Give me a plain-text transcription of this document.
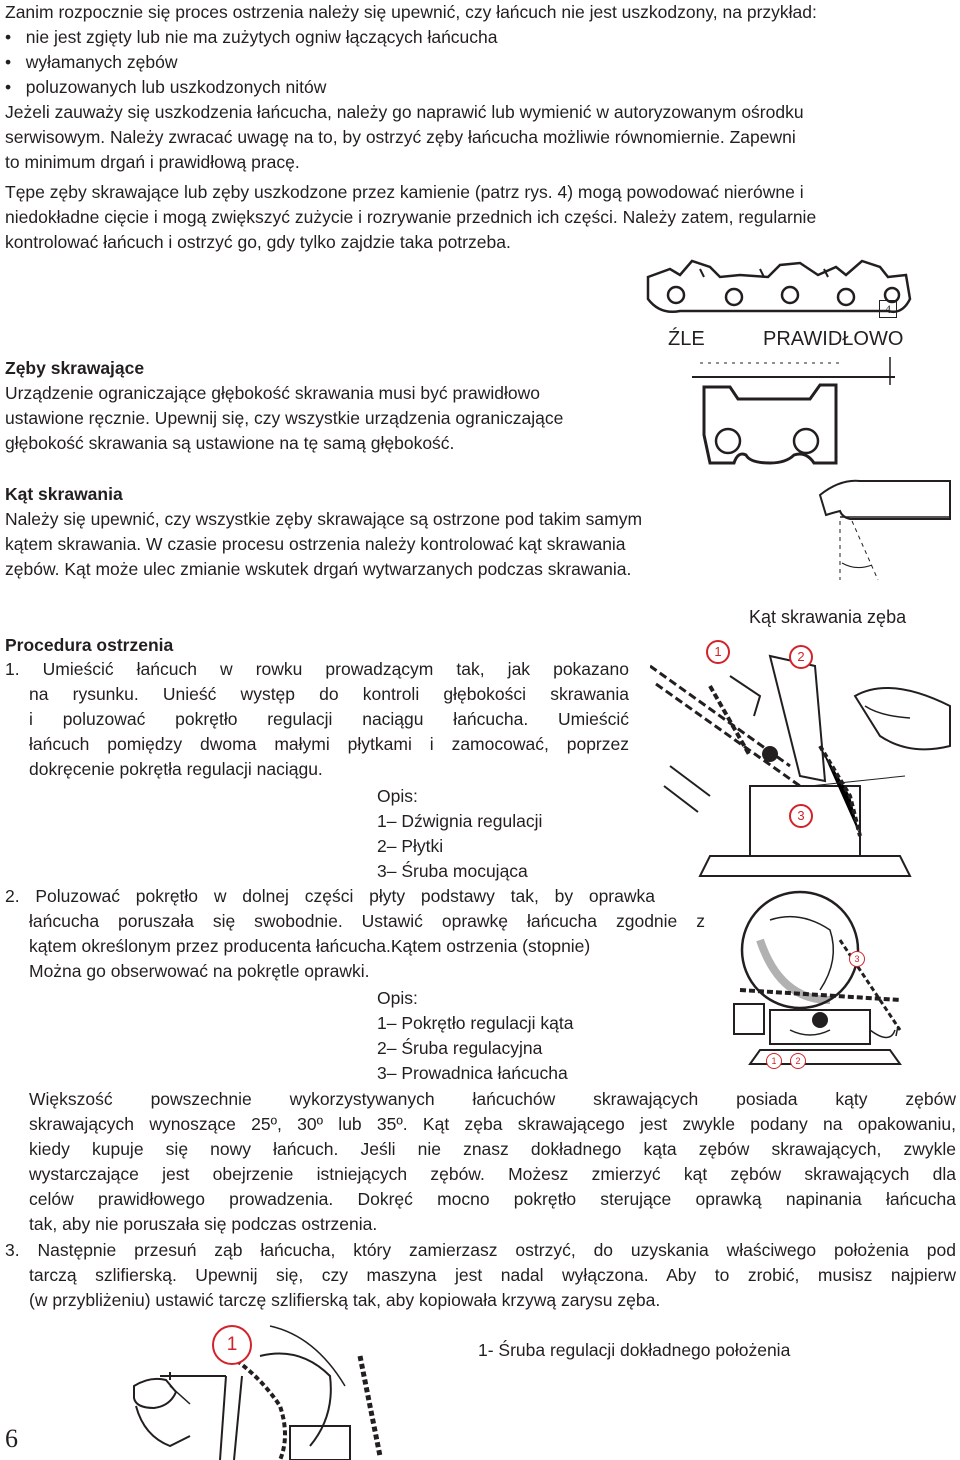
Zanim rozpocznie się proces ostrzenia należy się upewnić, czy łańcuch nie jest uszkodzony, na przykład:
• nie jest zgięty lub nie ma zużytych ogniw łączących łańcucha
• wyłamanych zębów
• poluzowanych lub uszkodzonych nitów
Jeżeli zauważy się uszkodzenia łańcucha, należy go naprawić lub wymienić w autoryzowanym ośrodku
serwisowym. Należy zwracać uwagę na to, by ostrzyć zęby łańcucha możliwie równomiernie. Zapewni
to minimum drgań i prawidłową pracę.
Tępe zęby skrawające lub zęby uszkodzone przez kamienie (patrz rys. 4) mogą powodować nierówne i
niedokładne cięcie i mogą zwiększyć zużycie i rozrywanie przednich ich części. Należy zatem, regularnie
kontrolować łańcuch i ostrzyć go, gdy tylko zajdzie taka potrzeba.
4
ŹLE	PRAWIDŁOWO
Zęby skrawające
Urządzenie ograniczające głębokość skrawania musi być prawidłowo
ustawione ręcznie. Upewnij się, czy wszystkie urządzenia ograniczające
głębokość skrawania są ustawione na tę samą głębokość.
Kąt skrawania
Należy się upewnić, czy wszystkie zęby skrawające są ostrzone pod takim samym
kątem skrawania. W czasie procesu ostrzenia należy kontrolować kąt skrawania
zębów. Kąt może ulec zmianie wskutek drgań wytwarzanych podczas skrawania.
Kąt skrawania zęba
Procedura ostrzenia
1. Umieścić łańcuch w rowku prowadzącym tak, jak pokazano
na rysunku. Unieść występ do kontroli głębokości skrawania
i poluzować pokrętło regulacji naciągu łańcucha. Umieścić
łańcuch pomiędzy dwoma małymi płytkami i zamocować, poprzez
dokręcenie pokrętła regulacji naciągu.
Opis:
1– Dźwignia regulacji
2– Płytki
3– Śruba mocująca
1	2
3
2. Poluzować pokrętło w dolnej części płyty podstawy tak, by oprawka
łańcucha poruszała się swobodnie. Ustawić oprawkę łańcucha zgodnie z
kątem określonym przez producenta łańcucha.Kątem ostrzenia (stopnie)
Można go obserwować na pokrętle oprawki.
Opis:
1– Pokrętło regulacji kąta
2– Śruba regulacyjna
3– Prowadnica łańcucha
3
1	2
Większość powszechnie wykorzystywanych łańcuchów skrawających posiada kąty zębów
skrawających wynoszące 25º, 30º lub 35º. Kąt zęba skrawającego jest zwykle podany na opakowaniu,
kiedy kupuje się nowy łańcuch. Jeśli nie znasz dokładnego kąta zębów skrawających, zwykle
wystarczające jest obejrzenie istniejących zębów. Możesz zmierzyć kąt zębów skrawających dla
celów prawidłowego prowadzenia. Dokręć mocno pokrętło sterujące oprawką napinania łańcucha
tak, aby nie poruszała się podczas ostrzenia.
3. Następnie przesuń ząb łańcucha, który zamierzasz ostrzyć, do uzyskania właściwego położenia pod
tarczą szlifierską. Upewnij się, czy maszyna jest nadal wyłączona. Aby to zrobić, musisz najpierw
(w przybliżeniu) ustawić tarczę szlifierską tak, aby kopiowała krzywą zarysu zęba.
1	1- Śruba regulacji dokładnego położenia
6
